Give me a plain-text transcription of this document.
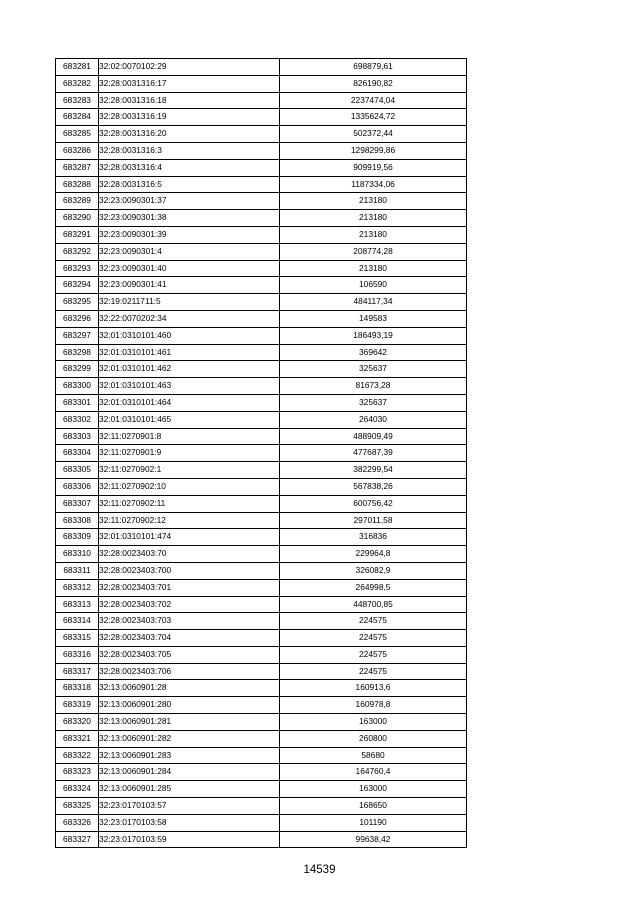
683281	32:02:0070102:29	698879,61
683282	32:28:0031316:17	826190,82
683283	32:28:0031316:18	2237474,04
683284	32:28:0031316:19	1335624,72
683285	32:28:0031316:20	502372,44
683286	32:28:0031316:3	1298299,86
683287	32:28:0031316:4	909919,56
683288	32:28:0031316:5	1187334,06
683289	32:23:0090301:37	213180
683290	32:23:0090301:38	213180
683291	32:23:0090301:39	213180
683292	32:23:0090301:4	208774,28
683293	32:23:0090301:40	213180
683294	32:23:0090301:41	106590
683295	32:19:0211711:5	484117,34
683296	32:22:0070202:34	149583
683297	32:01:0310101:460	186493,19
683298	32:01:0310101:461	369642
683299	32:01:0310101:462	325637
683300	32:01:0310101:463	81673,28
683301	32:01:0310101:464	325637
683302	32:01:0310101:465	264030
683303	32:11:0270901:8	488909,49
683304	32:11:0270901:9	477687,39
683305	32:11:0270902:1	382299,54
683306	32:11:0270902:10	567838,26
683307	32:11:0270902:11	600756,42
683308	32:11:0270902:12	297011,58
683309	32:01:0310101:474	316836
683310	32:28:0023403:70	229964,8
683311	32:28:0023403:700	326082,9
683312	32:28:0023403:701	264998,5
683313	32:28:0023403:702	448700,85
683314	32:28:0023403:703	224575
683315	32:28:0023403:704	224575
683316	32:28:0023403:705	224575
683317	32:28:0023403:706	224575
683318	32:13:0060901:28	160913,6
683319	32:13:0060901:280	160978,8
683320	32:13:0060901:281	163000
683321	32:13:0060901:282	260800
683322	32:13:0060901:283	58680
683323	32:13:0060901:284	164760,4
683324	32:13:0060901:285	163000
683325	32:23:0170103:57	168650
683326	32:23:0170103:58	101190
683327	32:23:0170103:59	99638,42
14539
